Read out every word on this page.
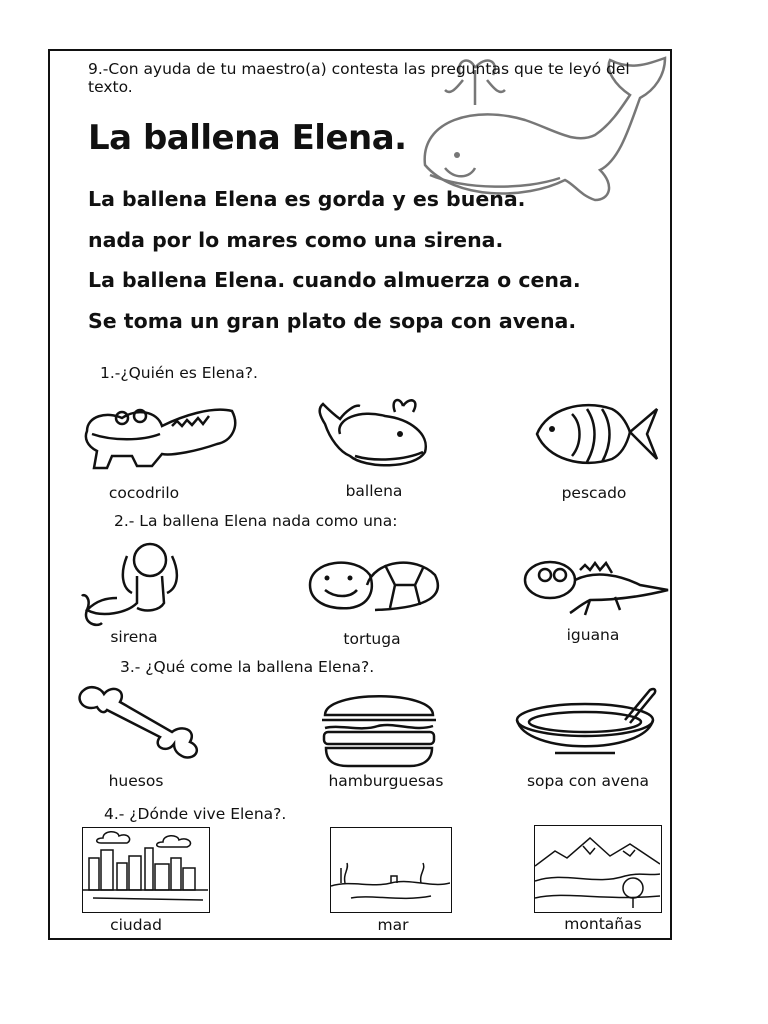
9.-Con ayuda de tu maestro(a) contesta las preguntas que te leyó del texto.
La ballena Elena.
La ballena Elena es gorda y es buena.
nada por lo mares como una sirena.
La ballena Elena. cuando almuerza o cena.
Se toma un gran plato de sopa con avena.
1.-¿Quién es Elena?.
cocodrilo	ballena	pescado
2.- La ballena Elena nada como una:
sirena	tortuga	iguana
3.- ¿Qué come la ballena Elena?.
huesos	hamburguesas	sopa con avena
4.- ¿Dónde vive Elena?.
ciudad	mar	montañas
